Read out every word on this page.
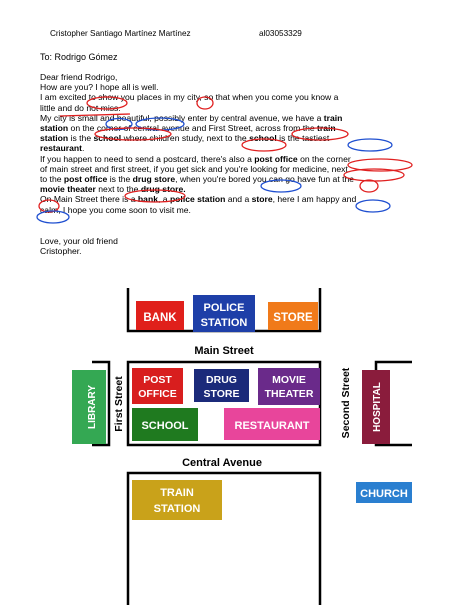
Cristopher Santiago Martínez Martínez	al03053329
To: Rodrigo Gómez

Dear friend Rodrigo,

How are you? I hope all is well.

I am excited to show you places in my city, so that when you come you know a

little and do not miss.

My city is small and beautiful, possibly enter by central avenue, we have a train

station on the corner of central avenue and First Street, across from the train

station is the school where children study, next to the school is the tastiest

restaurant.

If you happen to need to send a postcard, there's also a post office on the corner

of main street and first street, if you get sick and you're looking for medicine, next

to the post office is the drug store, when you're bored you can go have fun at the

movie theater next to the drug store.

On Main Street there is a bank, a police station and a store, here I am happy and

calm, I hope you come soon to visit me.

Love, your old friend
Cristopher.
BANK
POLICE
STATION STORE
Main Street
LIBRARY First Street POST
OFFICE
DRUG
STORE
MOVIE
THEATER
SCHOOL	RESTAURANT	Second Street HOSPITAL
Central Avenue
TRAIN
STATION
CHURCH
